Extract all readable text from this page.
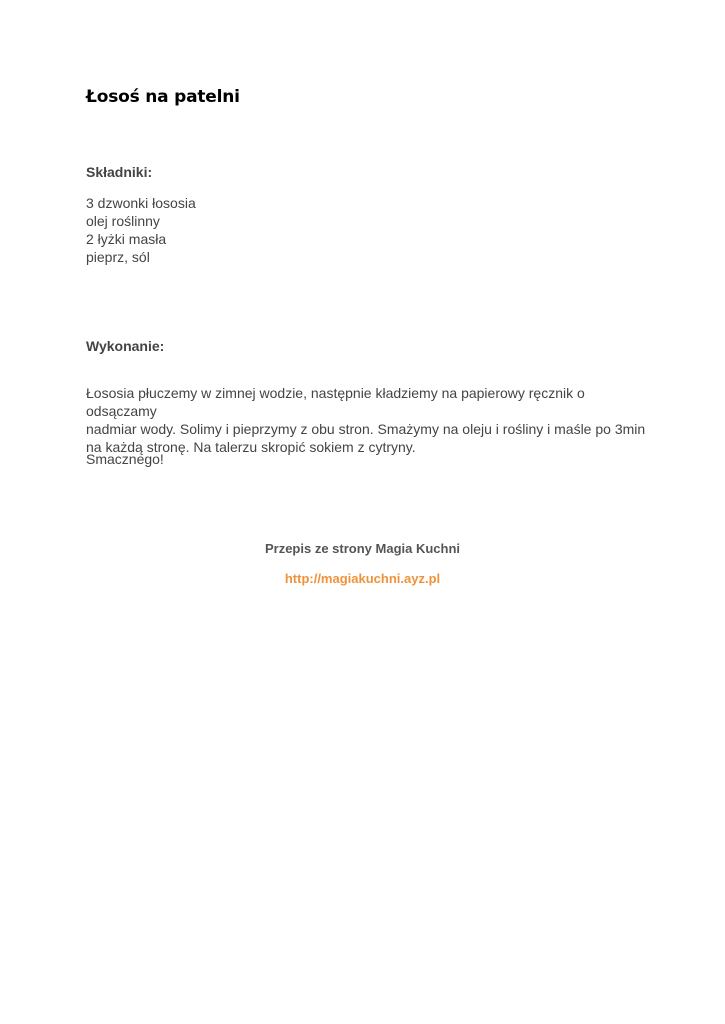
Łosoś na patelni
Składniki:
3 dzwonki łososia
olej roślinny
2 łyżki masła
pieprz, sól
Wykonanie:

Łososia płuczemy w zimnej wodzie, następnie kładziemy na papierowy ręcznik o odsączamy
nadmiar wody. Solimy i pieprzymy z obu stron. Smażymy na oleju i rośliny i maśle po 3min
na każdą stronę. Na talerzu skropić sokiem z cytryny.

Smacznego!

Przepis ze strony Magia Kuchni

http://magiakuchni.ayz.pl
